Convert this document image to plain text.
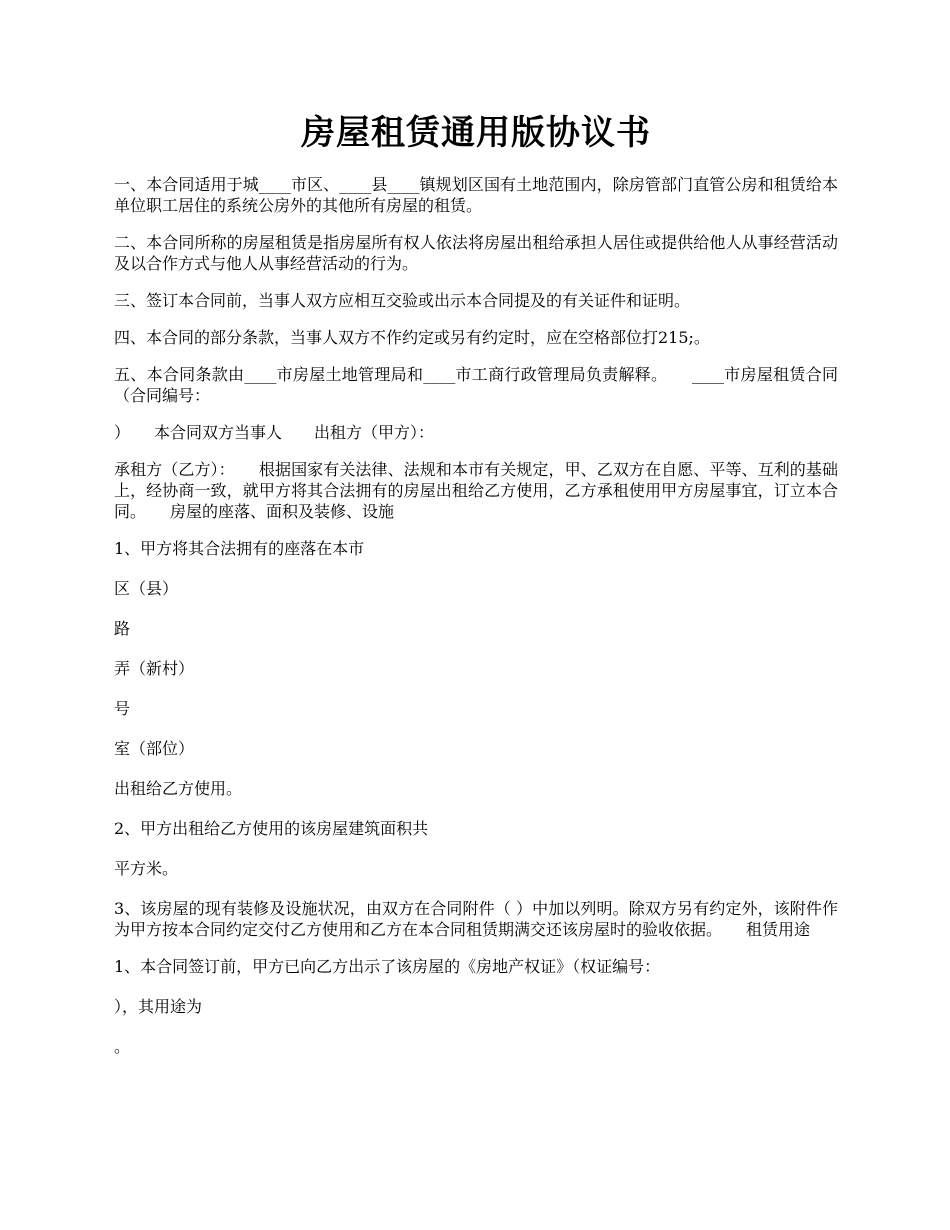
房屋租赁通用版协议书

一、本合同适用于城____市区、____县____镇规划区国有土地范围内，除房管部门直管公房和租赁给本单位职工居住的系统公房外的其他所有房屋的租赁。

二、本合同所称的房屋租赁是指房屋所有权人依法将房屋出租给承担人居住或提供给他人从事经营活动及以合作方式与他人从事经营活动的行为。

三、签订本合同前，当事人双方应相互交验或出示本合同提及的有关证件和证明。

四、本合同的部分条款，当事人双方不作约定或另有约定时，应在空格部位打215;。

五、本合同条款由____市房屋土地管理局和____市工商行政管理局负责解释。　　____市房屋租赁合同　　（合同编号：

）　　本合同双方当事人　　出租方（甲方）：

承租方（乙方）：　　根据国家有关法律、法规和本市有关规定，甲、乙双方在自愿、平等、互利的基础上，经协商一致，就甲方将其合法拥有的房屋出租给乙方使用，乙方承租使用甲方房屋事宜，订立本合同。　　房屋的座落、面积及装修、设施

1、甲方将其合法拥有的座落在本市

区（县）

路

弄（新村）

号

室（部位）

出租给乙方使用。

2、甲方出租给乙方使用的该房屋建筑面积共

平方米。

3、该房屋的现有装修及设施状况，由双方在合同附件（ ）中加以列明。除双方另有约定外，该附件作为甲方按本合同约定交付乙方使用和乙方在本合同租赁期满交还该房屋时的验收依据。　　租赁用途

1、本合同签订前，甲方已向乙方出示了该房屋的《房地产权证》（权证编号：

），其用途为

。
